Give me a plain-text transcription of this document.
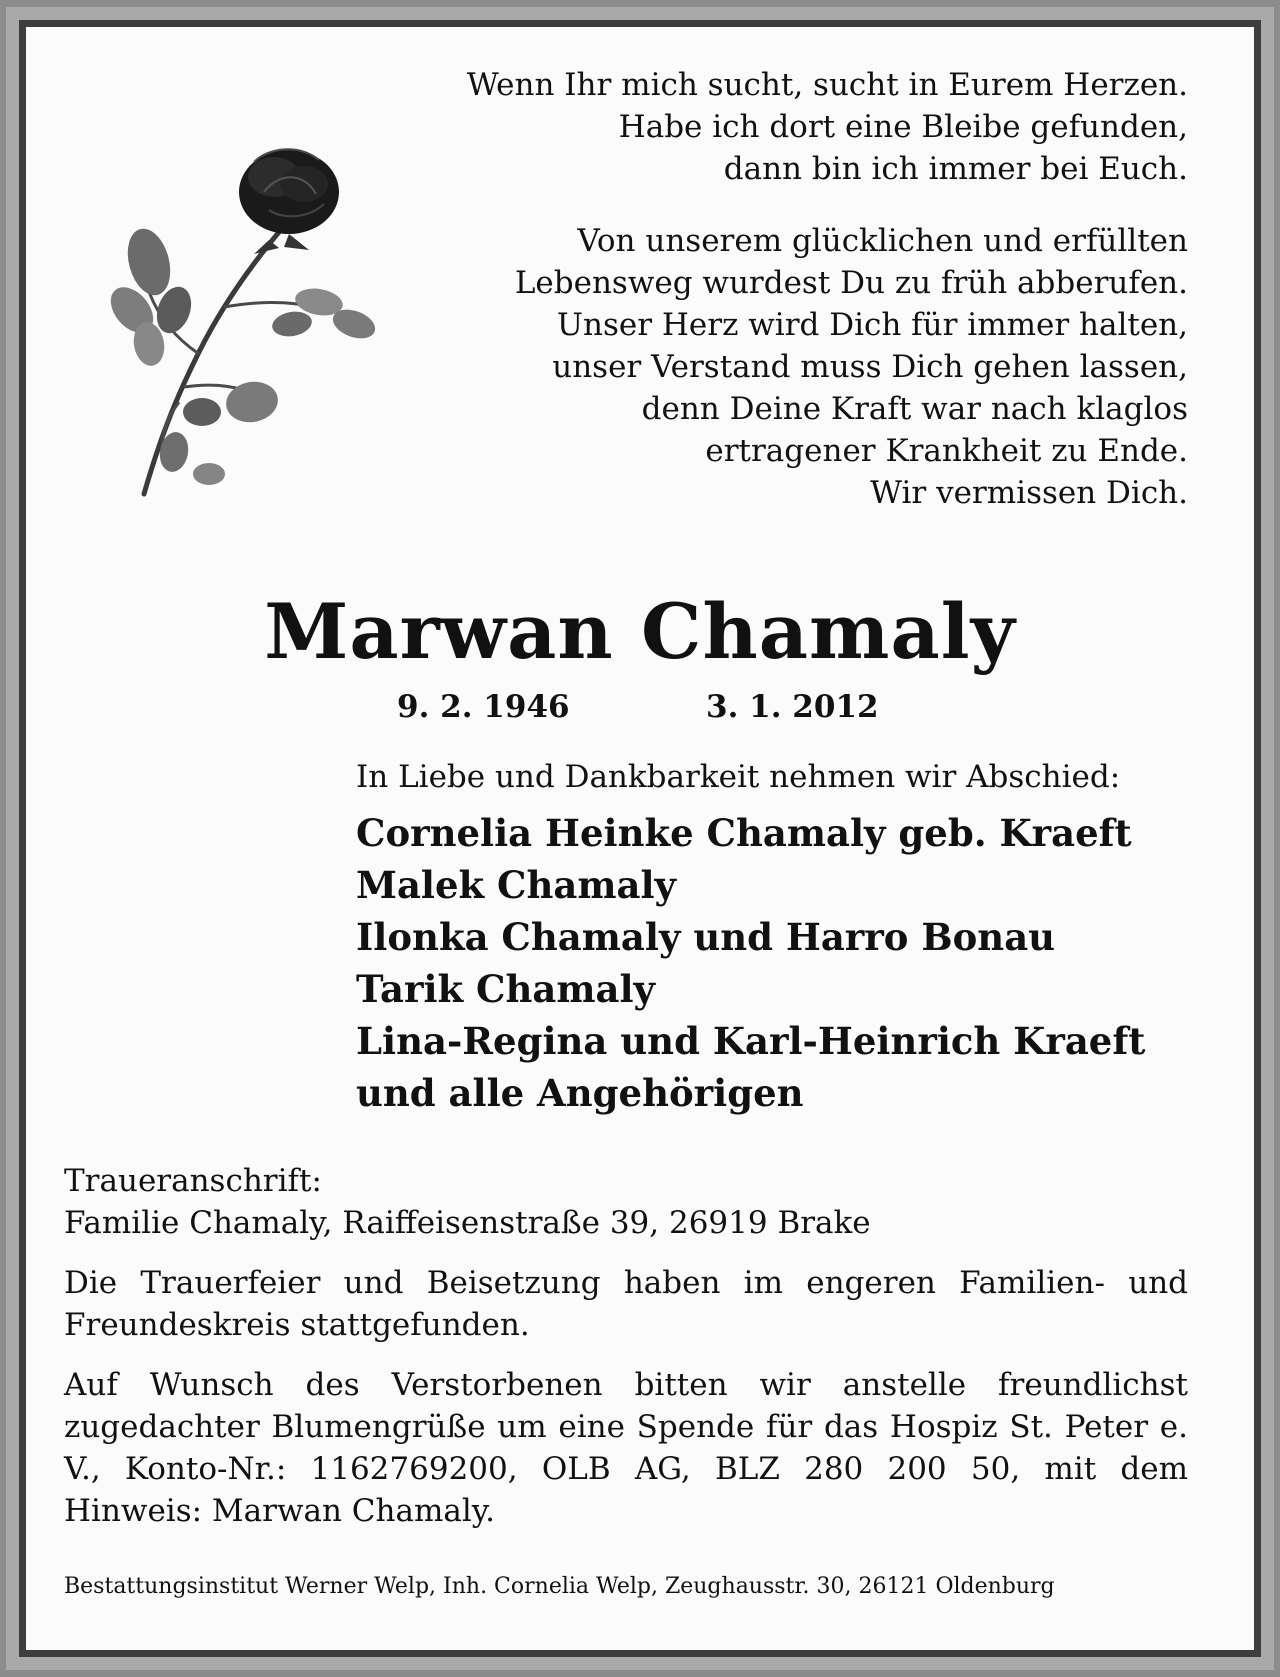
Wenn Ihr mich sucht, sucht in Eurem Herzen.
Habe ich dort eine Bleibe gefunden,
dann bin ich immer bei Euch.
Von unserem glücklichen und erfüllten
Lebensweg wurdest Du zu früh abberufen.
Unser Herz wird Dich für immer halten,
unser Verstand muss Dich gehen lassen,
denn Deine Kraft war nach klaglos
ertragener Krankheit zu Ende.
Wir vermissen Dich.
Marwan Chamaly
9. 2. 1946	3. 1. 2012
In Liebe und Dankbarkeit nehmen wir Abschied:
Cornelia Heinke Chamaly geb. Kraeft
Malek Chamaly
Ilonka Chamaly und Harro Bonau
Tarik Chamaly
Lina-Regina und Karl-Heinrich Kraeft
und alle Angehörigen

Traueranschrift:
Familie Chamaly, Raiffeisenstraße 39, 26919 Brake

Die Trauerfeier und Beisetzung haben im engeren Familien- und Freundeskreis stattgefunden.

Auf Wunsch des Verstorbenen bitten wir anstelle freundlichst zugedachter Blumengrüße um eine Spende für das Hospiz St. Peter e. V., Konto-Nr.: 1162769200, OLB AG, BLZ 280 200 50, mit dem Hinweis: Marwan Chamaly.

Bestattungsinstitut Werner Welp, Inh. Cornelia Welp, Zeughausstr. 30, 26121 Oldenburg
